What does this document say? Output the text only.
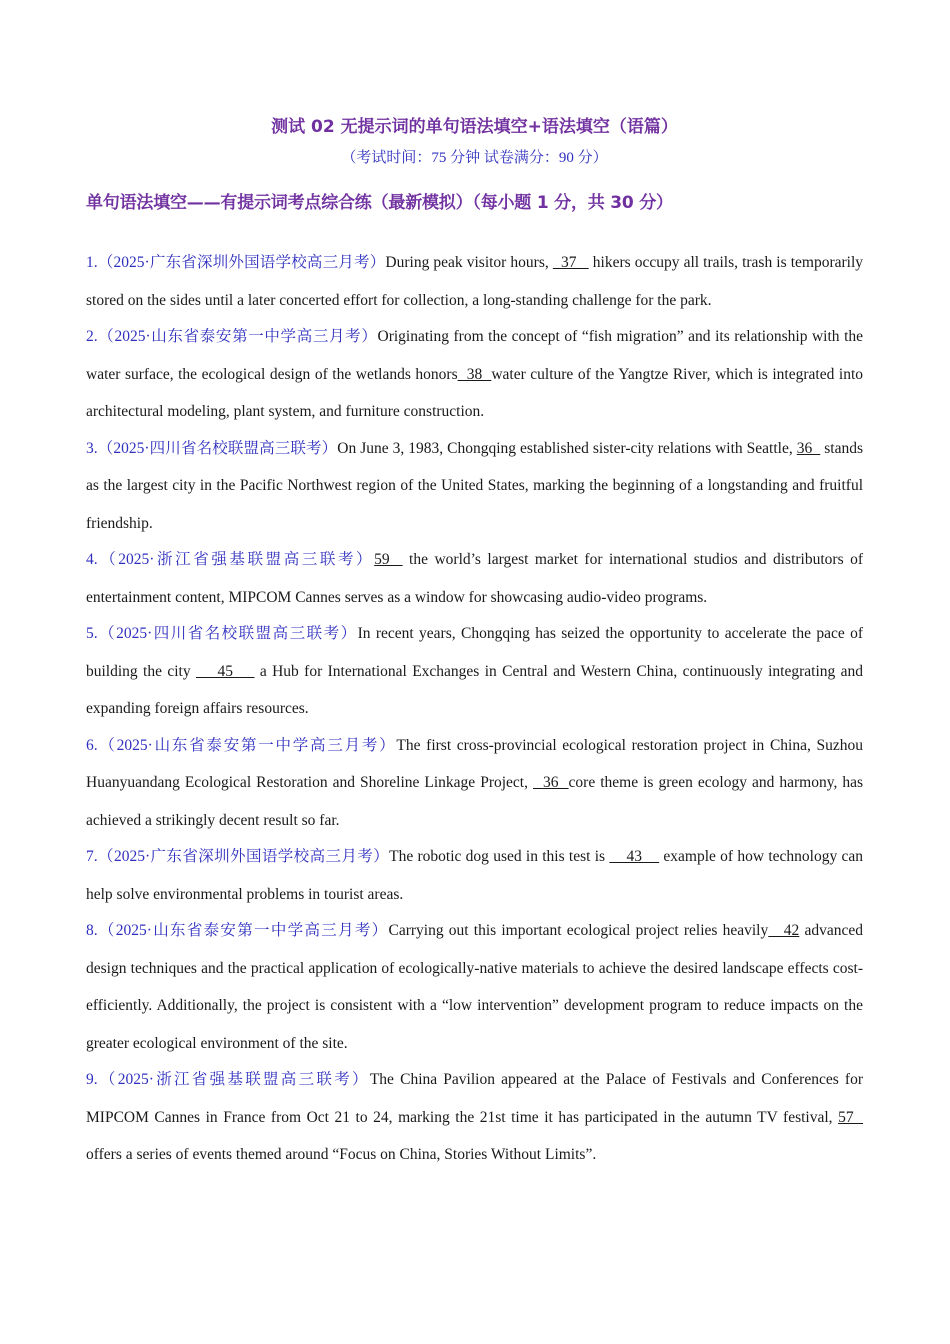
测试 02 无提示词的单句语法填空+语法填空（语篇）

（考试时间：75 分钟 试卷满分：90 分）

单句语法填空——有提示词考点综合练（最新模拟）（每小题 1 分，共 30 分）

1.（2025·广东省深圳外国语学校高三月考）During peak visitor hours,   37    hikers occupy all trails, trash is temporarily stored on the sides until a later concerted effort for collection, a long-standing challenge for the park.

2.（2025·山东省泰安第一中学高三月考）Originating from the concept of “fish migration” and its relationship with the water surface, the ecological design of the wetlands honors  38  water culture of the Yangtze River, which is integrated into architectural modeling, plant system, and furniture construction.

3.（2025·四川省名校联盟高三联考）On June 3, 1983, Chongqing established sister-city relations with Seattle, 36   stands as the largest city in the Pacific Northwest region of the United States, marking the beginning of a longstanding and fruitful friendship.

4.（2025·浙江省强基联盟高三联考）59   the world’s largest market for international studios and distributors of entertainment content, MIPCOM Cannes serves as a window for showcasing audio-video programs.

5.（2025·四川省名校联盟高三联考）In recent years, Chongqing has seized the opportunity to accelerate the pace of building the city     45     a Hub for International Exchanges in Central and Western China, continuously integrating and expanding foreign affairs resources.

6.（2025·山东省泰安第一中学高三月考）The first cross-provincial ecological restoration project in China, Suzhou Huanyuandang Ecological Restoration and Shoreline Linkage Project,   36  core theme is green ecology and harmony, has achieved a strikingly decent result so far.

7.（2025·广东省深圳外国语学校高三月考）The robotic dog used in this test is     43     example of how technology can help solve environmental problems in tourist areas.

8.（2025·山东省泰安第一中学高三月考）Carrying out this important ecological project relies heavily   42 advanced design techniques and the practical application of ecologically-native materials to achieve the desired landscape effects cost-efficiently. Additionally, the project is consistent with a “low intervention” development program to reduce impacts on the greater ecological environment of the site.

9.（2025·浙江省强基联盟高三联考）The China Pavilion appeared at the Palace of Festivals and Conferences for MIPCOM Cannes in France from Oct 21 to 24, marking the 21st time it has participated in the autumn TV festival, 57   offers a series of events themed around “Focus on China, Stories Without Limits”.
